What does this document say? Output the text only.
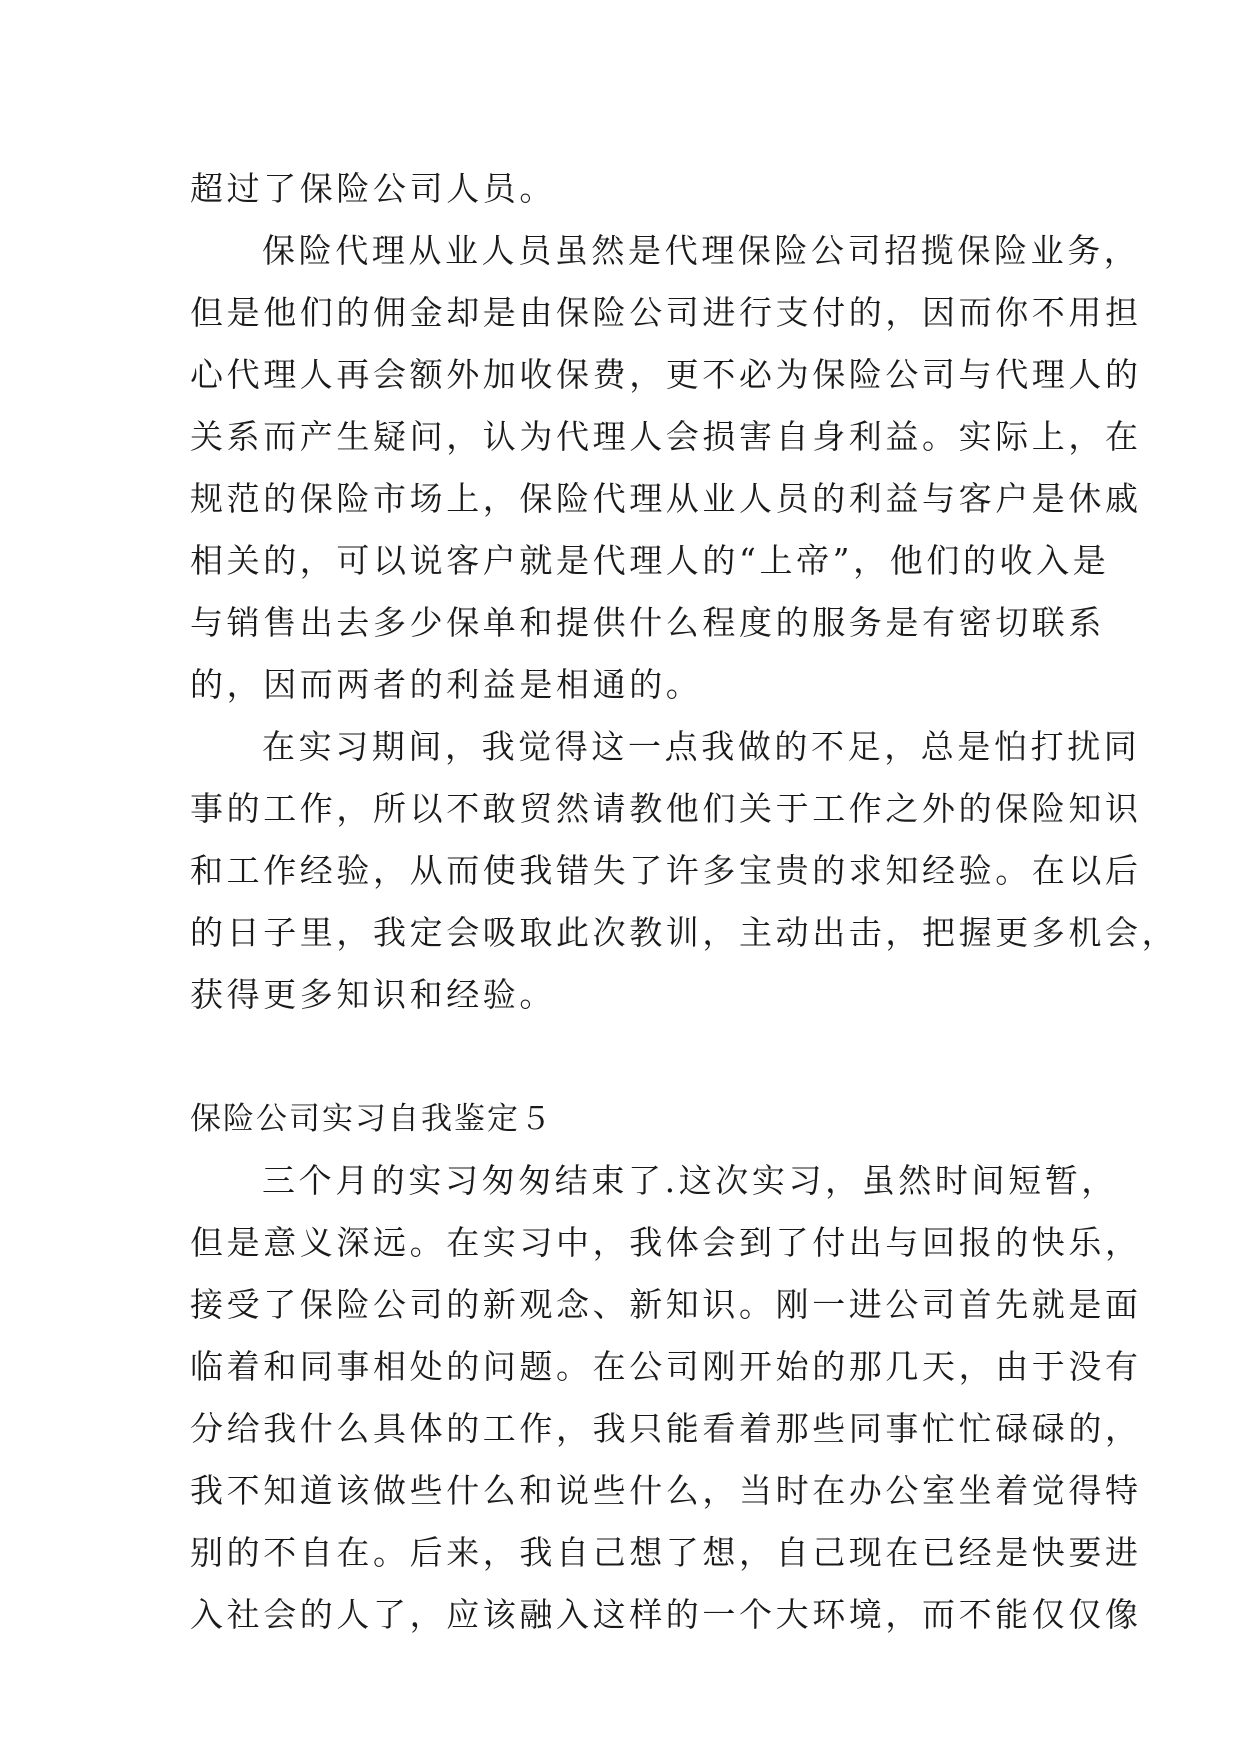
超过了保险公司人员。
保险代理从业人员虽然是代理保险公司招揽保险业务，
但是他们的佣金却是由保险公司进行支付的，因而你不用担
心代理人再会额外加收保费，更不必为保险公司与代理人的
关系而产生疑问，认为代理人会损害自身利益。实际上，在
规范的保险市场上，保险代理从业人员的利益与客户是休戚
相关的，可以说客户就是代理人的“上帝”，他们的收入是
与销售出去多少保单和提供什么程度的服务是有密切联系
的，因而两者的利益是相通的。
在实习期间，我觉得这一点我做的不足，总是怕打扰同
事的工作，所以不敢贸然请教他们关于工作之外的保险知识
和工作经验，从而使我错失了许多宝贵的求知经验。在以后
的日子里，我定会吸取此次教训，主动出击，把握更多机会，
获得更多知识和经验。
保险公司实习自我鉴定５
三个月的实习匆匆结束了.这次实习，虽然时间短暂，
但是意义深远。在实习中，我体会到了付出与回报的快乐，
接受了保险公司的新观念、新知识。刚一进公司首先就是面
临着和同事相处的问题。在公司刚开始的那几天，由于没有
分给我什么具体的工作，我只能看着那些同事忙忙碌碌的，
我不知道该做些什么和说些什么，当时在办公室坐着觉得特
别的不自在。后来，我自己想了想，自己现在已经是快要进
入社会的人了，应该融入这样的一个大环境，而不能仅仅像
